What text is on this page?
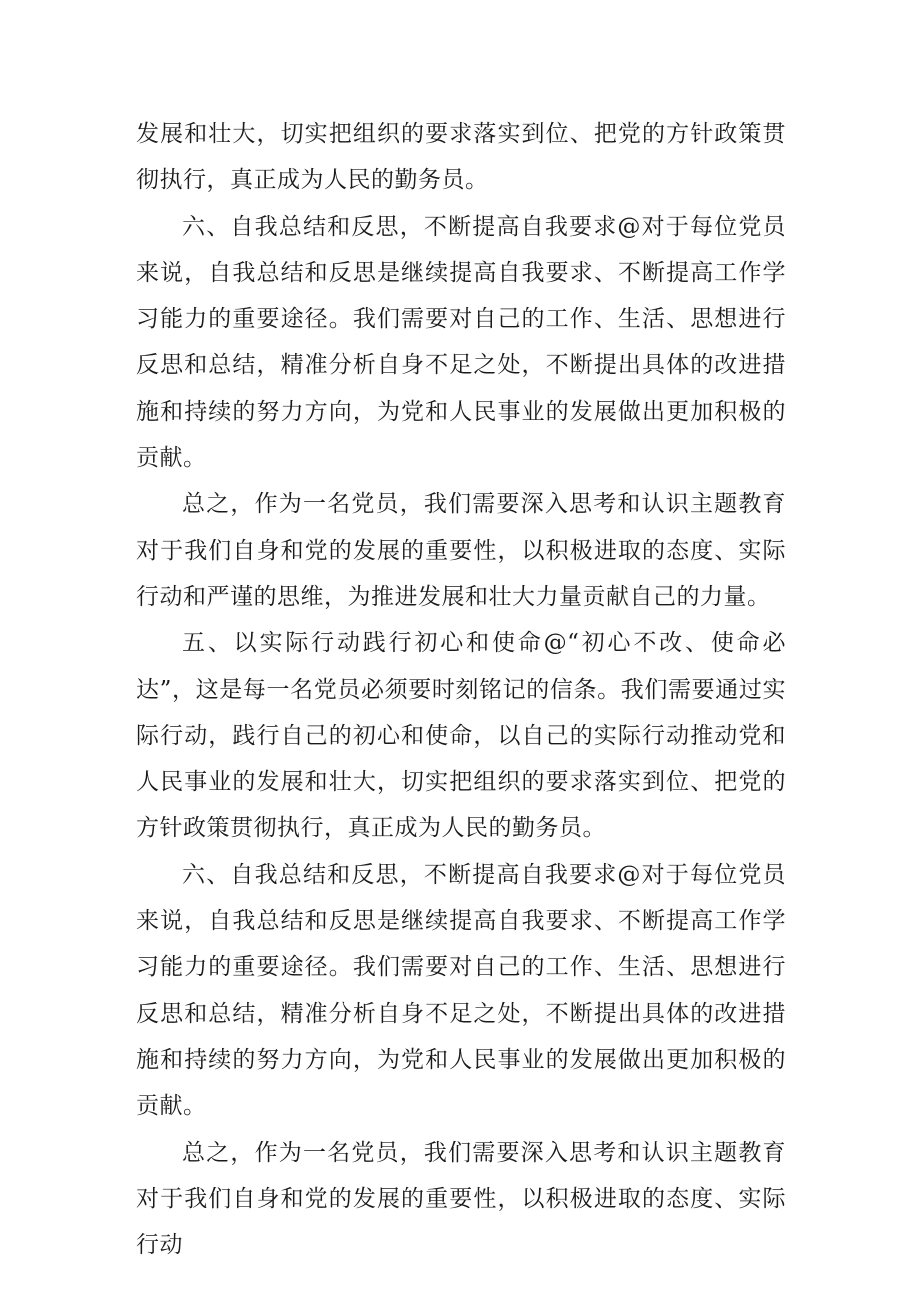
发展和壮大，切实把组织的要求落实到位、把党的方针政策贯彻执行，真正成为人民的勤务员。

六、自我总结和反思，不断提高自我要求@对于每位党员来说，自我总结和反思是继续提高自我要求、不断提高工作学习能力的重要途径。我们需要对自己的工作、生活、思想进行反思和总结，精准分析自身不足之处，不断提出具体的改进措施和持续的努力方向，为党和人民事业的发展做出更加积极的贡献。

总之，作为一名党员，我们需要深入思考和认识主题教育对于我们自身和党的发展的重要性，以积极进取的态度、实际行动和严谨的思维，为推进发展和壮大力量贡献自己的力量。

五、以实际行动践行初心和使命@“初心不改、使命必达”，这是每一名党员必须要时刻铭记的信条。我们需要通过实际行动，践行自己的初心和使命，以自己的实际行动推动党和人民事业的发展和壮大，切实把组织的要求落实到位、把党的方针政策贯彻执行，真正成为人民的勤务员。

六、自我总结和反思，不断提高自我要求@对于每位党员来说，自我总结和反思是继续提高自我要求、不断提高工作学习能力的重要途径。我们需要对自己的工作、生活、思想进行反思和总结，精准分析自身不足之处，不断提出具体的改进措施和持续的努力方向，为党和人民事业的发展做出更加积极的贡献。

总之，作为一名党员，我们需要深入思考和认识主题教育对于我们自身和党的发展的重要性，以积极进取的态度、实际行动
